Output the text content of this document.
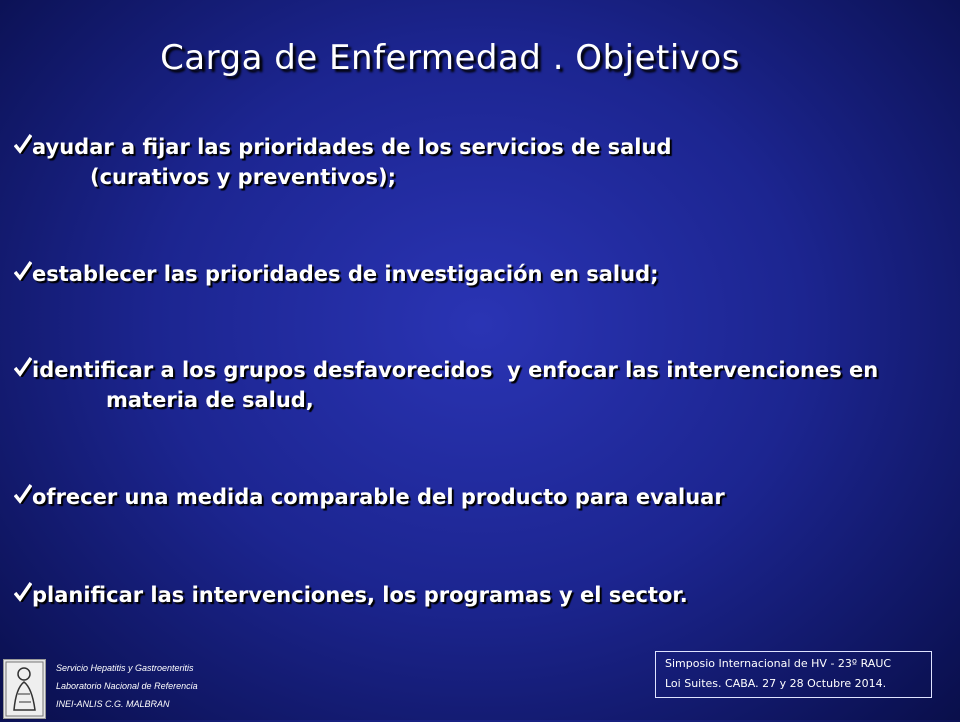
Carga de Enfermedad . Objetivos
ayudar a fijar las prioridades de los servicios de salud
(curativos y preventivos);
establecer las prioridades de investigación en salud;
identificar a los grupos desfavorecidos  y enfocar las intervenciones en
materia de salud,
ofrecer una medida comparable del producto para evaluar
planificar las intervenciones, los programas y el sector.
Servicio Hepatitis y Gastroenteritis
Laboratorio Nacional de Referencia
INEI-ANLIS C.G. MALBRAN
Simposio Internacional de HV - 23º RAUC
Loi Suites. CABA. 27 y 28 Octubre 2014.
